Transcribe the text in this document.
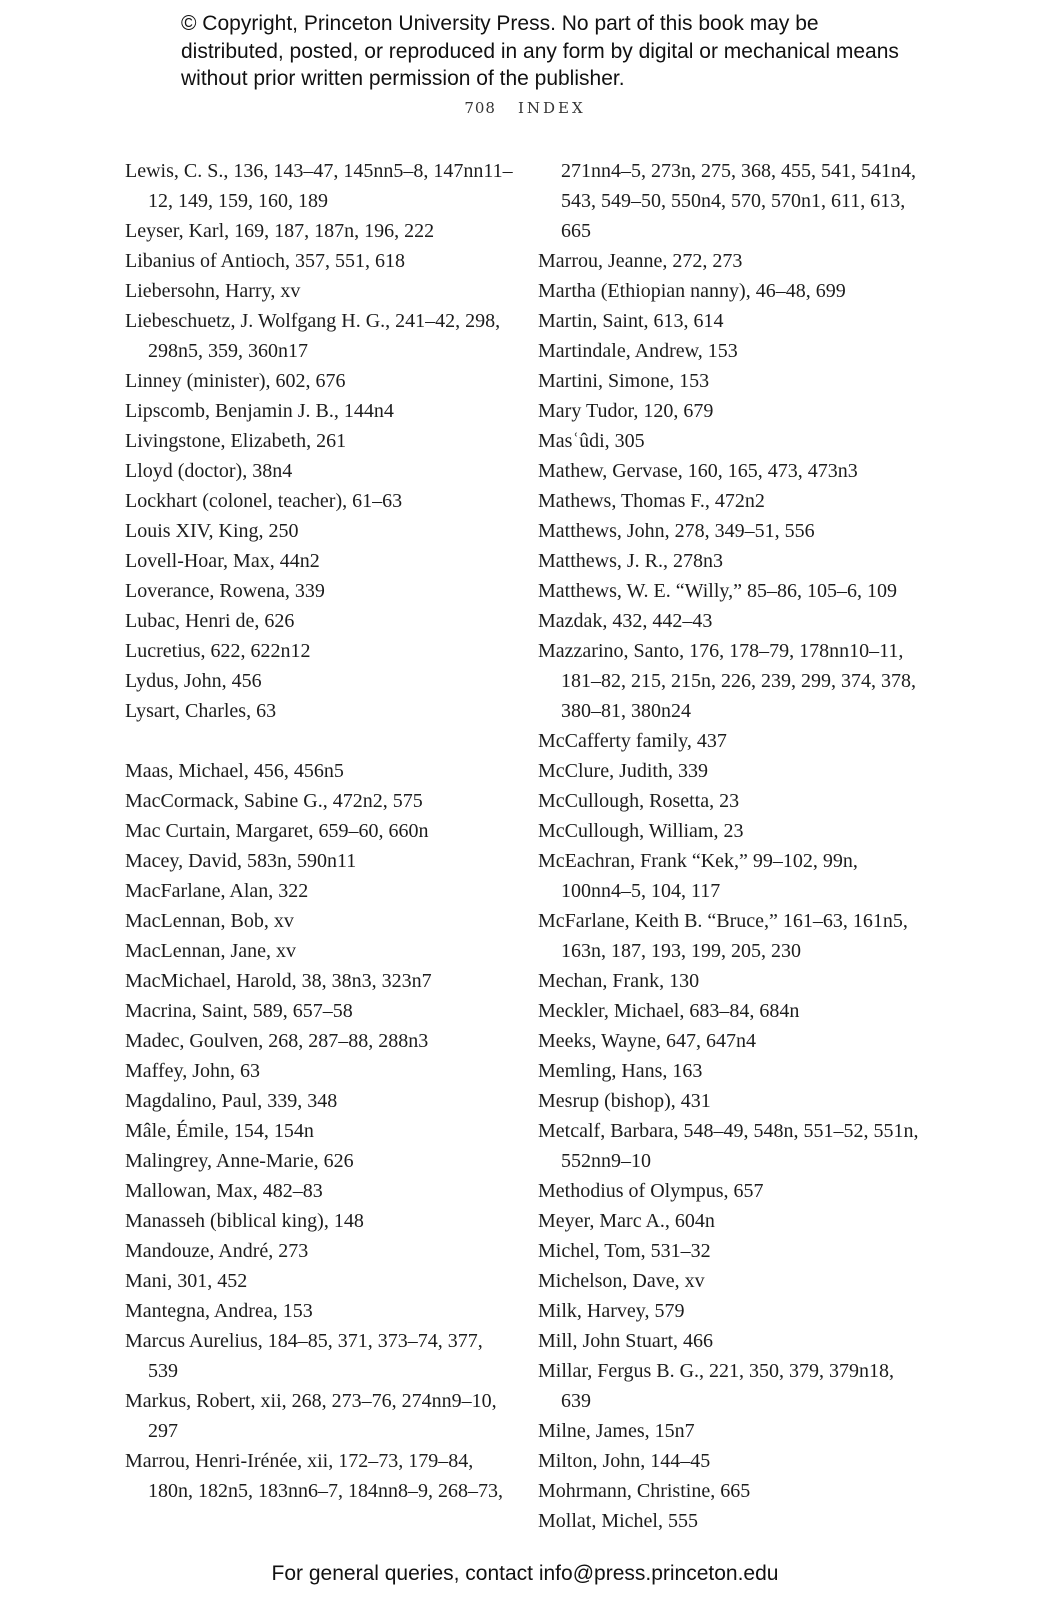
© Copyright, Princeton University Press. No part of this book may be distributed, posted, or reproduced in any form by digital or mechanical means without prior written permission of the publisher.
708 INDEX

Lewis, C. S., 136, 143–47, 145nn5–8, 147nn11–12, 149, 159, 160, 189

Leyser, Karl, 169, 187, 187n, 196, 222

Libanius of Antioch, 357, 551, 618

Liebersohn, Harry, xv

Liebeschuetz, J. Wolfgang H. G., 241–42, 298, 298n5, 359, 360n17

Linney (minister), 602, 676

Lipscomb, Benjamin J. B., 144n4

Livingstone, Elizabeth, 261

Lloyd (doctor), 38n4

Lockhart (colonel, teacher), 61–63

Louis XIV, King, 250

Lovell-Hoar, Max, 44n2

Loverance, Rowena, 339

Lubac, Henri de, 626

Lucretius, 622, 622n12

Lydus, John, 456

Lysart, Charles, 63

Maas, Michael, 456, 456n5

MacCormack, Sabine G., 472n2, 575

Mac Curtain, Margaret, 659–60, 660n

Macey, David, 583n, 590n11

MacFarlane, Alan, 322

MacLennan, Bob, xv

MacLennan, Jane, xv

MacMichael, Harold, 38, 38n3, 323n7

Macrina, Saint, 589, 657–58

Madec, Goulven, 268, 287–88, 288n3

Maffey, John, 63

Magdalino, Paul, 339, 348

Mâle, Émile, 154, 154n

Malingrey, Anne-Marie, 626

Mallowan, Max, 482–83

Manasseh (biblical king), 148

Mandouze, André, 273

Mani, 301, 452

Mantegna, Andrea, 153

Marcus Aurelius, 184–85, 371, 373–74, 377, 539

Markus, Robert, xii, 268, 273–76, 274nn9–10, 297

Marrou, Henri-Irénée, xii, 172–73, 179–84, 180n, 182n5, 183nn6–7, 184nn8–9, 268–73,

271nn4–5, 273n, 275, 368, 455, 541, 541n4, 543, 549–50, 550n4, 570, 570n1, 611, 613, 665

Marrou, Jeanne, 272, 273

Martha (Ethiopian nanny), 46–48, 699

Martin, Saint, 613, 614

Martindale, Andrew, 153

Martini, Simone, 153

Mary Tudor, 120, 679

Masʿûdi, 305

Mathew, Gervase, 160, 165, 473, 473n3

Mathews, Thomas F., 472n2

Matthews, John, 278, 349–51, 556

Matthews, J. R., 278n3

Matthews, W. E. “Willy,” 85–86, 105–6, 109

Mazdak, 432, 442–43

Mazzarino, Santo, 176, 178–79, 178nn10–11, 181–82, 215, 215n, 226, 239, 299, 374, 378, 380–81, 380n24

McCafferty family, 437

McClure, Judith, 339

McCullough, Rosetta, 23

McCullough, William, 23

McEachran, Frank “Kek,” 99–102, 99n, 100nn4–5, 104, 117

McFarlane, Keith B. “Bruce,” 161–63, 161n5, 163n, 187, 193, 199, 205, 230

Mechan, Frank, 130

Meckler, Michael, 683–84, 684n

Meeks, Wayne, 647, 647n4

Memling, Hans, 163

Mesrup (bishop), 431

Metcalf, Barbara, 548–49, 548n, 551–52, 551n, 552nn9–10

Methodius of Olympus, 657

Meyer, Marc A., 604n

Michel, Tom, 531–32

Michelson, Dave, xv

Milk, Harvey, 579

Mill, John Stuart, 466

Millar, Fergus B. G., 221, 350, 379, 379n18, 639

Milne, James, 15n7

Milton, John, 144–45

Mohrmann, Christine, 665

Mollat, Michel, 555

For general queries, contact info@press.princeton.edu
